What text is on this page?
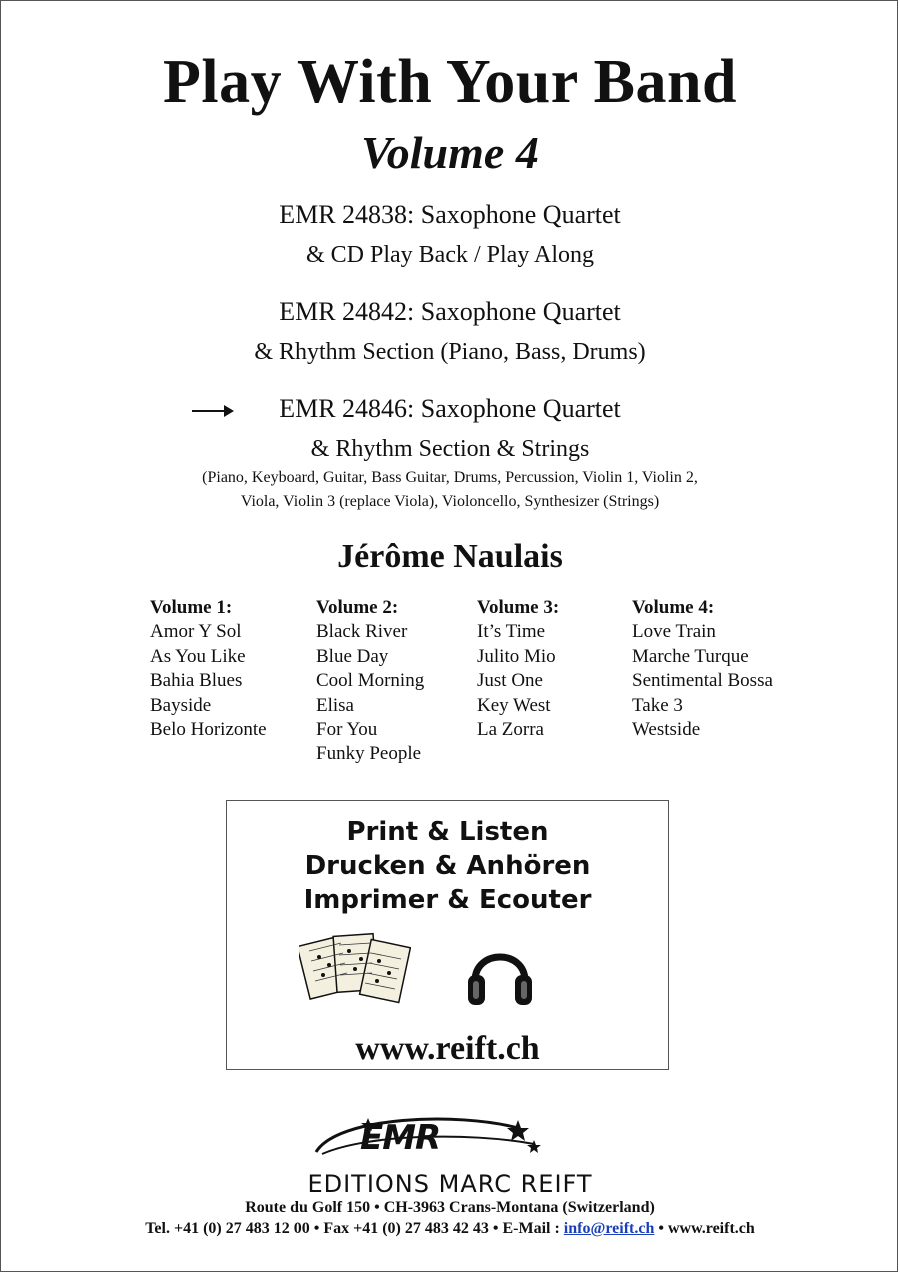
Play With Your Band
Volume 4
EMR 24838: Saxophone Quartet
& CD Play Back / Play Along
EMR 24842: Saxophone Quartet
& Rhythm Section (Piano, Bass, Drums)
EMR 24846: Saxophone Quartet
& Rhythm Section & Strings
(Piano, Keyboard, Guitar, Bass Guitar, Drums, Percussion, Violin 1, Violin 2,
Viola, Violin 3 (replace Viola), Violoncello, Synthesizer (Strings)
Jérôme Naulais
Volume 1:
Amor Y Sol
As You Like
Bahia Blues
Bayside
Belo Horizonte
Volume 2:
Black River
Blue Day
Cool Morning
Elisa
For You
Funky People
Volume 3:
It’s Time
Julito Mio
Just One
Key West
La Zorra
Volume 4:
Love Train
Marche Turque
Sentimental Bossa
Take 3
Westside
Print & Listen
Drucken & Anhören
Imprimer & Ecouter
www.reift.ch
EMR
EDITIONS MARC REIFT
Route du Golf 150 • CH-3963 Crans-Montana (Switzerland)
Tel. +41 (0) 27 483 12 00 • Fax +41 (0) 27 483 42 43 • E-Mail : info@reift.ch • www.reift.ch
